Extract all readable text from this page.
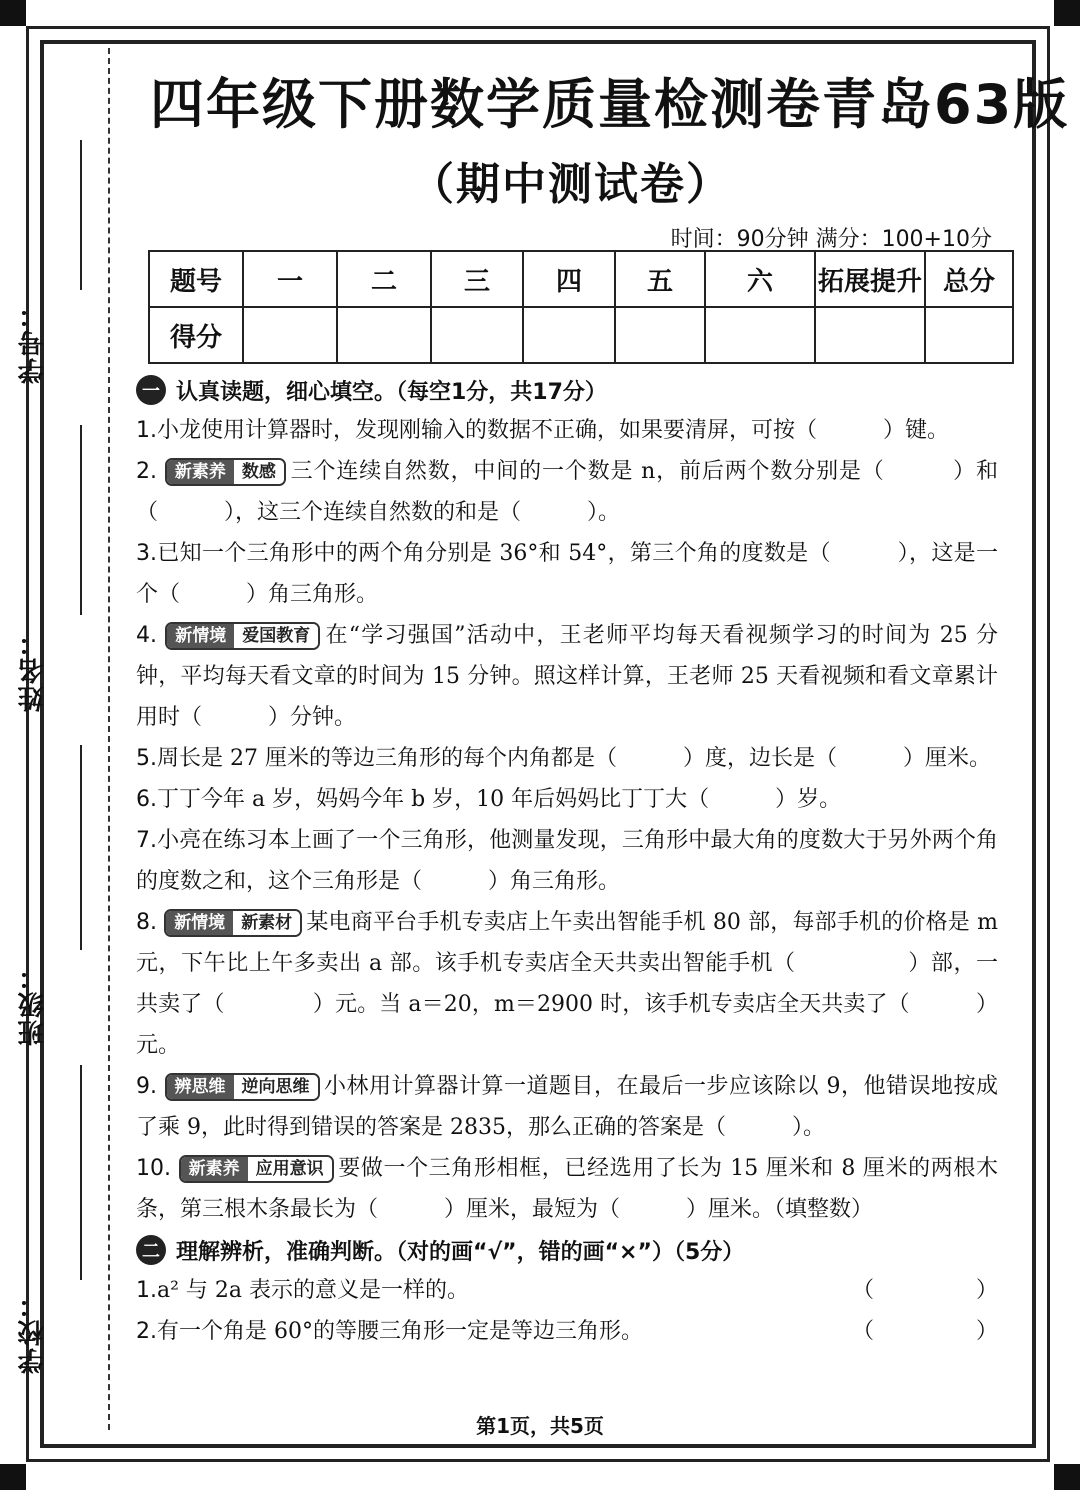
学号：
姓名：
班级：
学校：
四年级下册数学质量检测卷青岛63版
（期中测试卷）
时间：90分钟 满分：100+10分
题号	一	二	三	四	五	六	拓展提升	总分
得分								
一 认真读题，细心填空。（每空1分，共17分）
1.小龙使用计算器时，发现刚输入的数据不正确，如果要清屏，可按（　　　）键。
2.	新素养 数感 三个连续自然数，中间的一个数是 n，前后两个数分别是（　　　）和（　　　），这三个连续自然数的和是（　　　）。
3.已知一个三角形中的两个角分别是 36°和 54°，第三个角的度数是（　　　），这是一个（　　　）角三角形。
4.	新情境 爱国教育 在“学习强国”活动中，王老师平均每天看视频学习的时间为 25 分钟，平均每天看文章的时间为 15 分钟。照这样计算，王老师 25 天看视频和看文章累计用时（　　　）分钟。
5.周长是 27 厘米的等边三角形的每个内角都是（　　　）度，边长是（　　　）厘米。
6.丁丁今年 a 岁，妈妈今年 b 岁，10 年后妈妈比丁丁大（　　　）岁。
7.小亮在练习本上画了一个三角形，他测量发现，三角形中最大角的度数大于另外两个角的度数之和，这个三角形是（　　　）角三角形。
8.	新情境 新素材 某电商平台手机专卖店上午卖出智能手机 80 部，每部手机的价格是 m 元，下午比上午多卖出 a 部。该手机专卖店全天共卖出智能手机（　　　　　）部，一共卖了（　　　　）元。当 a＝20，m＝2900 时，该手机专卖店全天共卖了（　　　）元。
9.	辨思维 逆向思维 小林用计算器计算一道题目，在最后一步应该除以 9，他错误地按成了乘 9，此时得到错误的答案是 2835，那么正确的答案是（　　　）。
10.	新素养 应用意识 要做一个三角形相框，已经选用了长为 15 厘米和 8 厘米的两根木条，第三根木条最长为（　　　）厘米，最短为（　　　）厘米。（填整数）
二 理解辨析，准确判断。（对的画“√”，错的画“×”）（5分）
（　）
1.a² 与 2a 表示的意义是一样的。
（　）
2.有一个角是 60°的等腰三角形一定是等边三角形。
第1页，共5页
